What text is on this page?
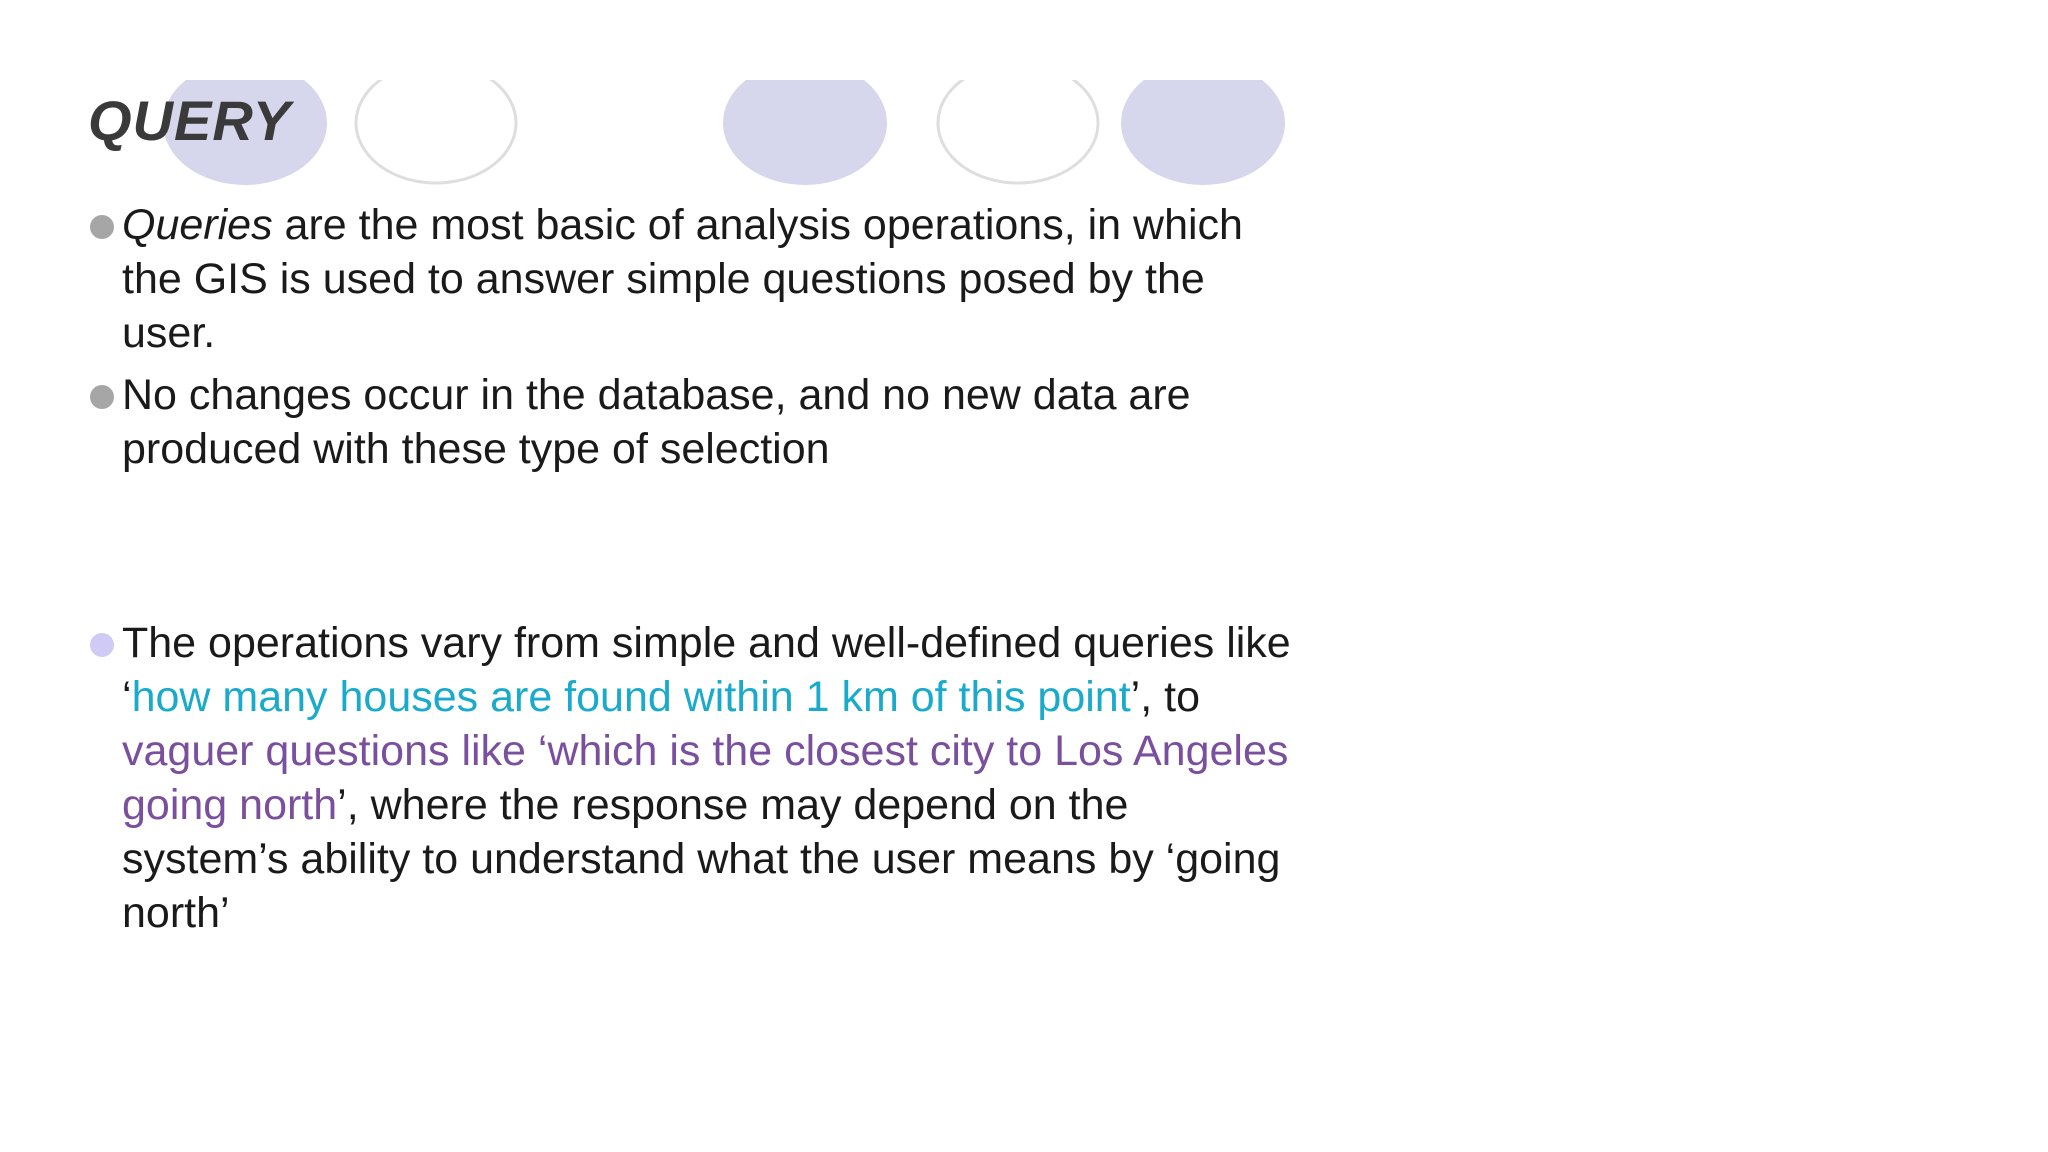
QUERY

Queries are the most basic of analysis operations, in which the GIS is used to answer simple questions posed by the user.

No changes occur in the database, and no new data are produced with these type of selection

The operations vary from simple and well-defined queries like ‘how many houses are found within 1 km of this point’, to vaguer questions like ‘which is the closest city to Los Angeles going north’, where the response may depend on the system’s ability to understand what the user means by ‘going north’
